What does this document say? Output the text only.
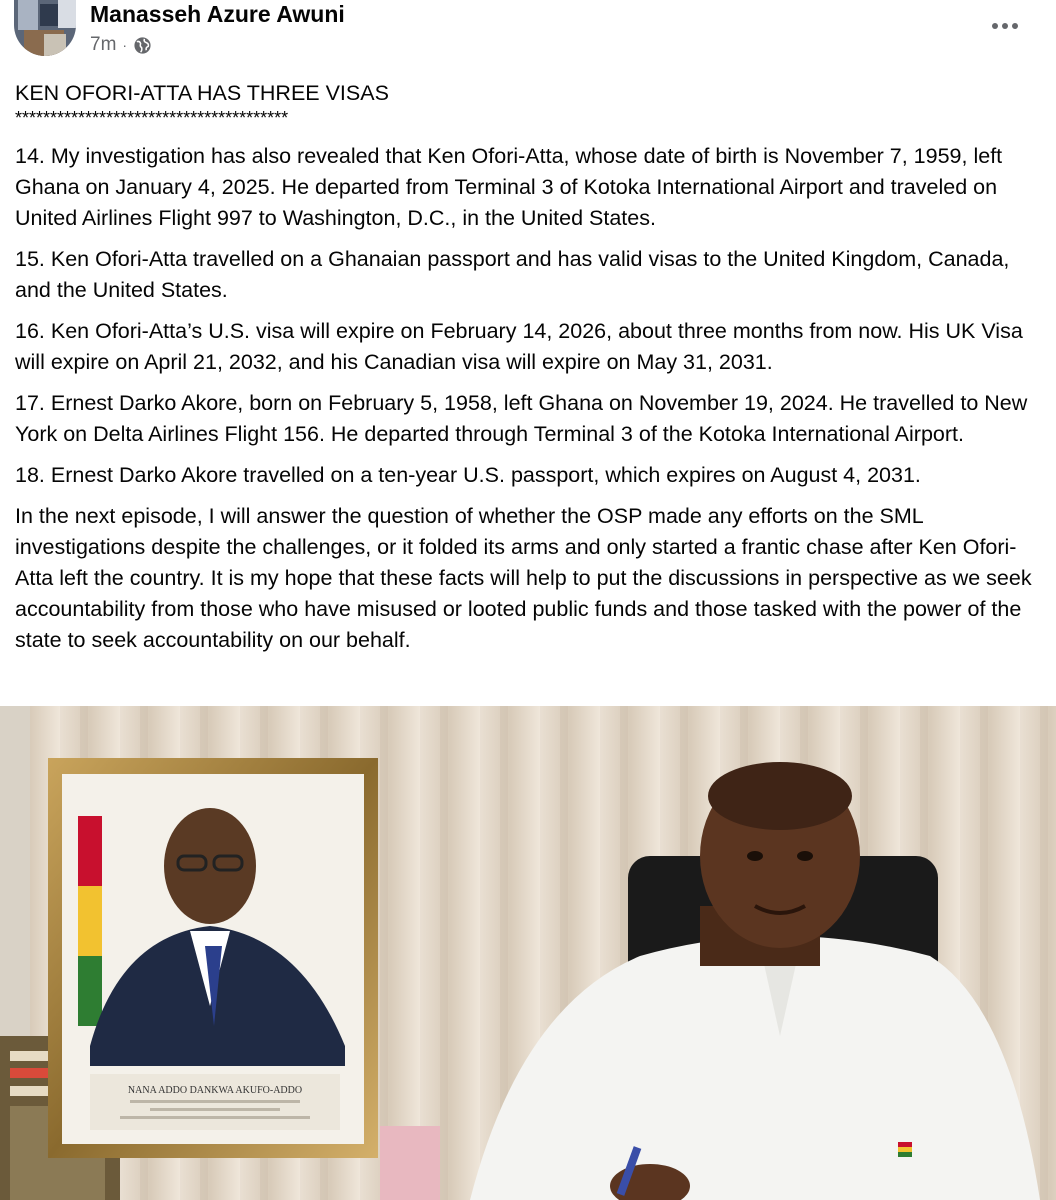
Manasseh Azure Awuni
7m ·

KEN OFORI-ATTA HAS THREE VISAS

***************************************

14. My investigation has also revealed that Ken Ofori-Atta, whose date of birth is November 7, 1959, left Ghana on January 4, 2025. He departed from Terminal 3 of Kotoka International Airport and traveled on United Airlines Flight 997 to Washington, D.C., in the United States.

15. Ken Ofori-Atta travelled on a Ghanaian passport and has valid visas to the United Kingdom, Canada, and the United States.

16. Ken Ofori-Atta’s U.S. visa will expire on February 14, 2026, about three months from now. His UK Visa will expire on April 21, 2032, and his Canadian visa will expire on May 31, 2031.

17. Ernest Darko Akore, born on February 5, 1958, left Ghana on November 19, 2024. He travelled to New York on Delta Airlines Flight 156. He departed through Terminal 3 of the Kotoka International Airport.

18. Ernest Darko Akore travelled on a ten-year U.S. passport, which expires on August 4, 2031.

In the next episode, I will answer the question of whether the OSP made any efforts on the SML investigations despite the challenges, or it folded its arms and only started a frantic chase after Ken Ofori-Atta left the country. It is my hope that these facts will help to put the discussions in perspective as we seek accountability from those who have misused or looted public funds and those tasked with the power of the state to seek accountability on our behalf.

NANA ADDO DANKWA AKUFO-ADDO
